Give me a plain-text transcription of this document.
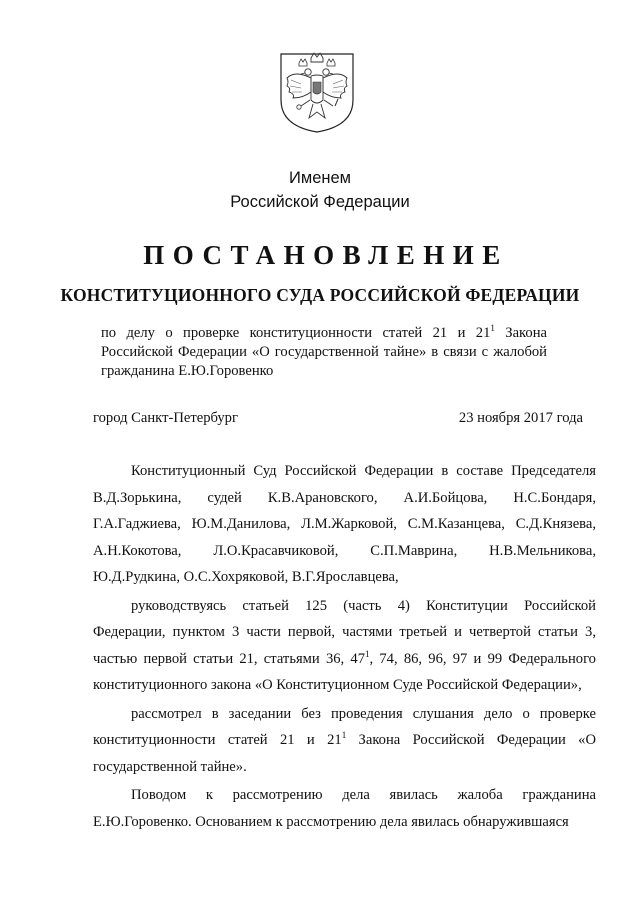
Именем
Российской Федерации
ПОСТАНОВЛЕНИЕ
КОНСТИТУЦИОННОГО СУДА РОССИЙСКОЙ ФЕДЕРАЦИИ
по делу о проверке конституционности статей 21 и $21^1$ Закона Российской Федерации «О государственной тайне» в связи с жалобой гражданина Е.Ю.Горовенко
город Санкт-Петербург	23 ноября 2017 года

Конституционный Суд Российской Федерации в составе Председателя В.Д.Зорькина, судей К.В.Арановского, А.И.Бойцова, Н.С.Бондаря, Г.А.Гаджиева, Ю.М.Данилова, Л.М.Жарковой, С.М.Казанцева, С.Д.Князева, А.Н.Кокотова, Л.О.Красавчиковой, С.П.Маврина, Н.В.Мельникова, Ю.Д.Рудкина, О.С.Хохряковой, В.Г.Ярославцева,

руководствуясь статьей 125 (часть 4) Конституции Российской Федерации, пунктом 3 части первой, частями третьей и четвертой статьи 3, частью первой статьи 21, статьями 36, $47^1$, 74, 86, 96, 97 и 99 Федерального конституционного закона «О Конституционном Суде Российской Федерации»,

рассмотрел в заседании без проведения слушания дело о проверке конституционности статей 21 и $21^1$ Закона Российской Федерации «О государственной тайне».

Поводом к рассмотрению дела явилась жалоба гражданина Е.Ю.Горовенко. Основанием к рассмотрению дела явилась обнаружившаяся
